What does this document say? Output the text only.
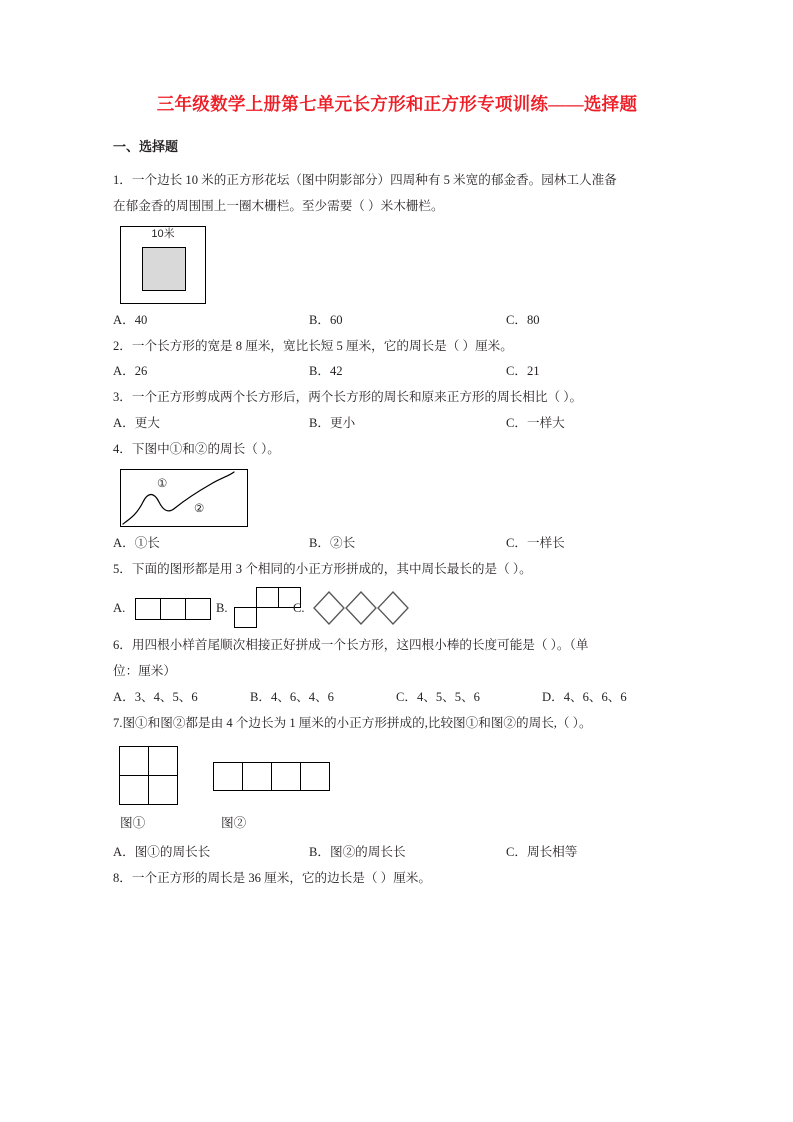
三年级数学上册第七单元长方形和正方形专项训练——选择题
一、选择题

1．一个边长 10 米的正方形花坛（图中阴影部分）四周种有 5 米宽的郁金香。园林工人准备

在郁金香的周围围上一圈木栅栏。至少需要（ ）米木栅栏。

10米
A．40	B．60	C．80

2．一个长方形的宽是 8 厘米，宽比长短 5 厘米，它的周长是（ ）厘米。

A．26	B．42	C．21

3．一个正方形剪成两个长方形后，两个长方形的周长和原来正方形的周长相比（ ）。

A．更大	B．更小	C．一样大

4．下图中①和②的周长（ ）。

①
②
A．①长	B．②长	C．一样长

5．下面的图形都是用 3 个相同的小正方形拼成的，其中周长最长的是（ ）。

A.	B.	C.

6．用四根小样首尾顺次相接正好拼成一个长方形，这四根小棒的长度可能是（ ）。（单

位：厘米）

A．3、4、5、6	B．4、6、4、6	C．4、5、5、6	D．4、6、6、6

7.图①和图②都是由 4 个边长为 1 厘米的小正方形拼成的,比较图①和图②的周长,（ ）。

图①	图②
A．图①的周长长	B．图②的周长长	C．周长相等

8．一个正方形的周长是 36 厘米，它的边长是（ ）厘米。
